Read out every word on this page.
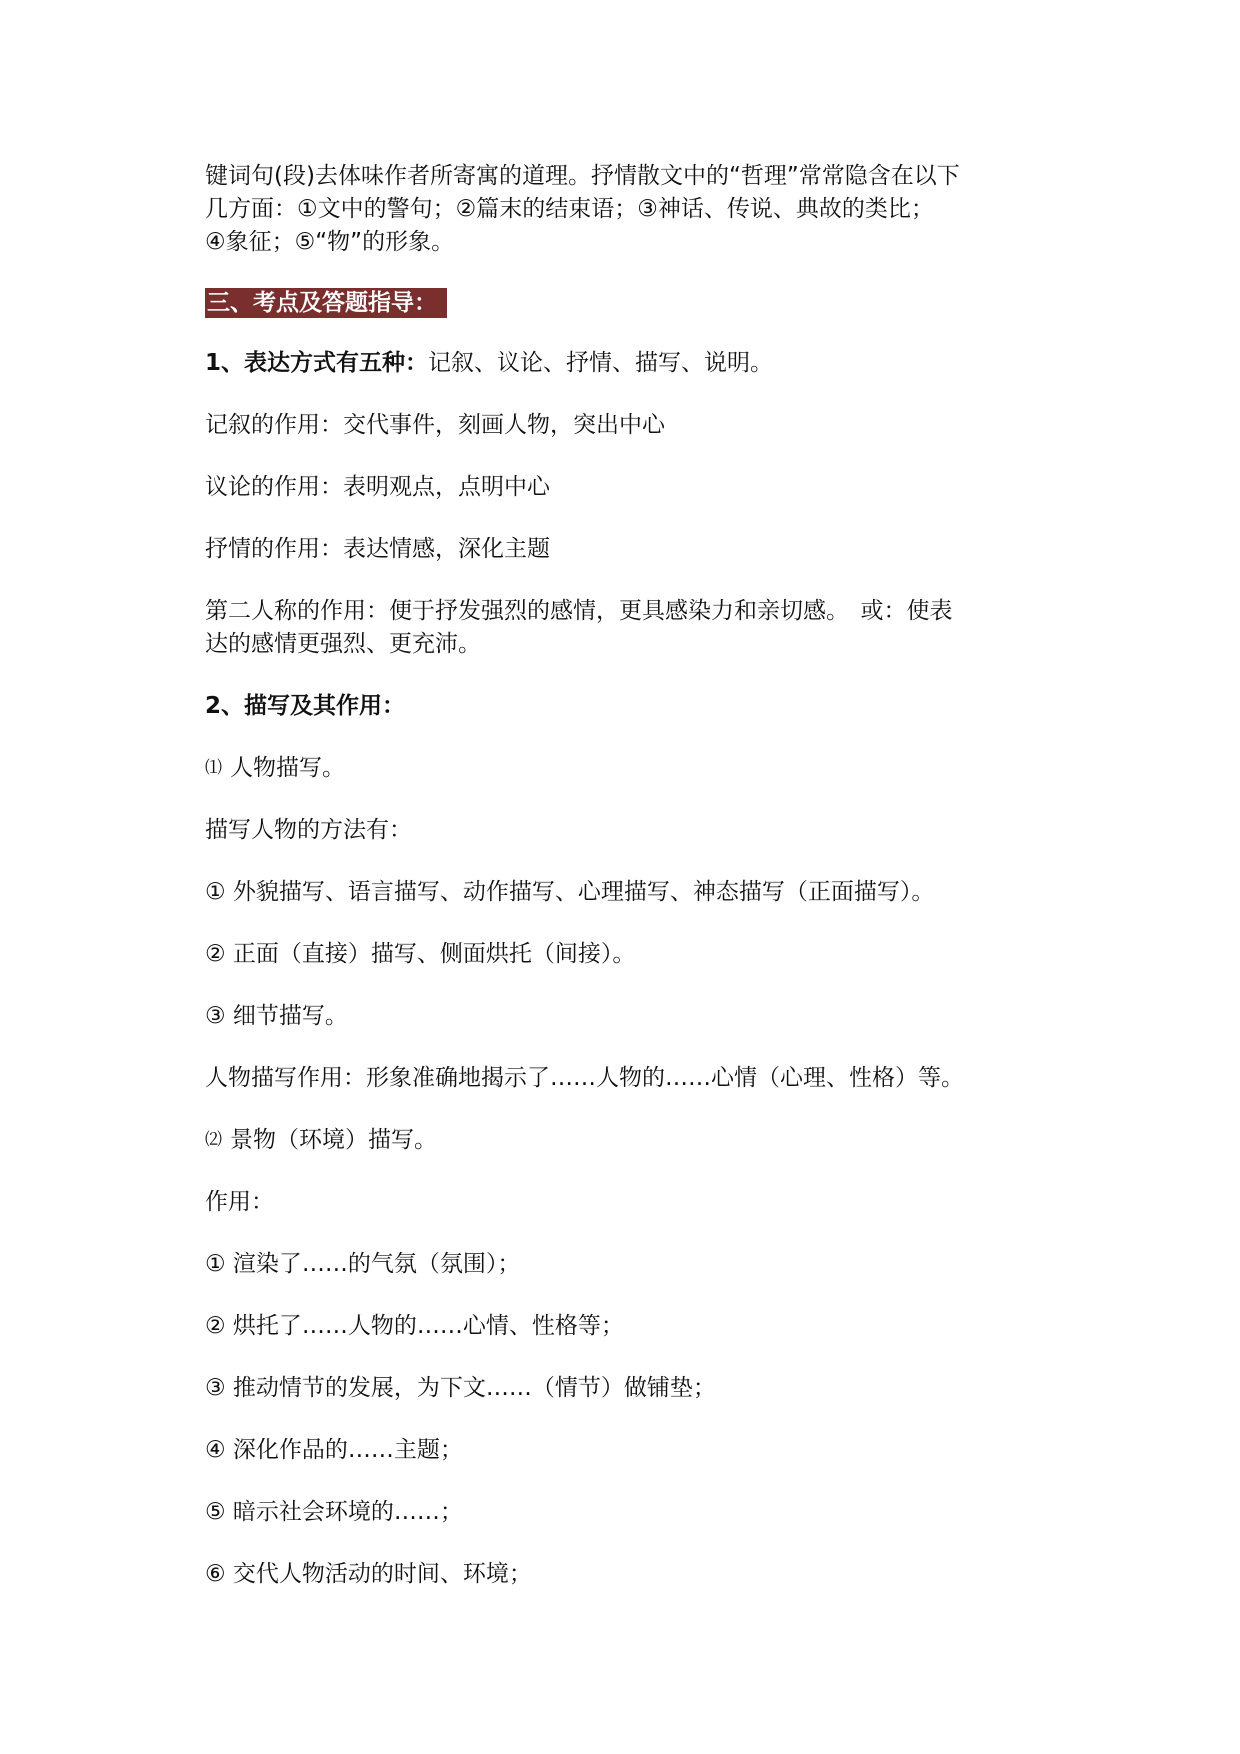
键词句(段)去体味作者所寄寓的道理。抒情散文中的“哲理”常常隐含在以下

几方面：①文中的警句；②篇末的结束语；③神话、传说、典故的类比；

④象征；⑤“物”的形象。

三、考点及答题指导：

1、表达方式有五种：记叙、议论、抒情、描写、说明。

记叙的作用：交代事件，刻画人物，突出中心

议论的作用：表明观点，点明中心

抒情的作用：表达情感，深化主题

第二人称的作用：便于抒发强烈的感情，更具感染力和亲切感。　或：使表

达的感情更强烈、更充沛。

2、描写及其作用：

⑴ 人物描写。

描写人物的方法有：

① 外貌描写、语言描写、动作描写、心理描写、神态描写（正面描写）。

② 正面（直接）描写、侧面烘托（间接）。

③ 细节描写。

人物描写作用：形象准确地揭示了……人物的……心情（心理、性格）等。

⑵ 景物（环境）描写。

作用：

① 渲染了……的气氛（氛围）；

② 烘托了……人物的……心情、性格等；

③ 推动情节的发展，为下文……（情节）做铺垫；

④ 深化作品的……主题；

⑤ 暗示社会环境的……；

⑥ 交代人物活动的时间、环境；
